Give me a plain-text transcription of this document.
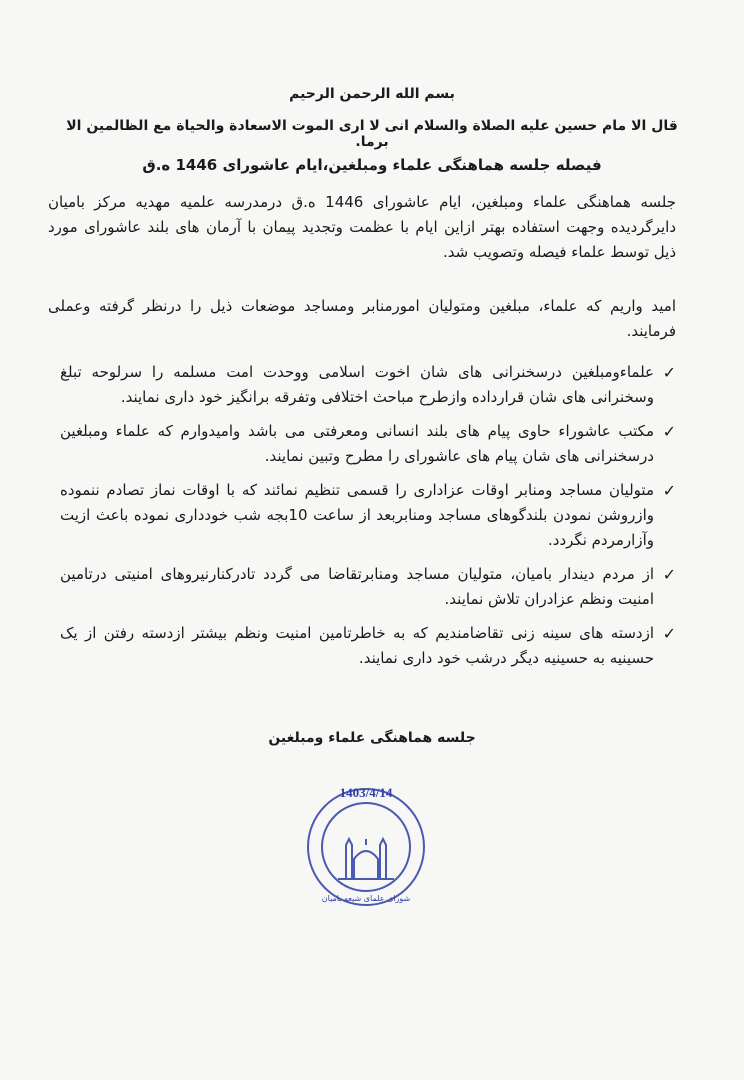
بسم الله الرحمن الرحيم
قال الا مام حسين عليه الصلاة والسلام انى لا ارى الموت الاسعادة والحياة مع الظالمين الا برما.
فیصله جلسه هماهنگی علماء ومبلغین،ایام عاشورای 1446 ه.ق

جلسه هماهنگی علماء ومبلغین، ایام عاشورای 1446 ه.ق درمدرسه علمیه مهدیه مرکز بامیان دایرگردیده وجهت استفاده بهتر ازاین ایام با عظمت وتجدید پیمان با آرمان های بلند عاشورای مورد ذیل توسط علماء فیصله وتصویب شد.

امید واریم که علماء، مبلغین ومتولیان امورمنابر ومساجد موضعات ذیل را درنظر گرفته وعملی فرمایند.

✓
علماءومبلغین درسخنرانی های شان اخوت اسلامی ووحدت امت مسلمه را سرلوحه تبلغ وسخنرانی های شان قرارداده وازطرح مباحث اختلافی وتفرقه برانگیز خود داری نمایند.
✓
مکتب عاشوراء حاوی پیام های بلند انسانی ومعرفتی می باشد وامیدوارم که علماء ومبلغین درسخنرانی های شان پیام های عاشورای را مطرح وتبین نمایند.
✓
متولیان مساجد ومنابر اوقات عزاداری را قسمی تنظیم نمائند که با اوقات نماز تصادم ننموده وازروشن نمودن بلندگوهای مساجد ومنابربعد از ساعت 10بجه شب خودداری نموده باعث ازیت وآزارمردم نگردد.
✓
از مردم دیندار بامیان، متولیان مساجد ومنابرتقاضا می گردد تادرکنارنیروهای امنیتی درتامین امنیت ونظم عزادران تلاش نمایند.
✓
ازدسته های سینه زنی تقاضامندیم که به خاطرتامین امنیت ونظم بیشتر ازدسته رفتن از یک حسینیه به حسینیه دیگر درشب خود داری نمایند.
جلسه هماهنگی علماء ومبلغین
1403/4/14
شورای علمای شیعه بامیان
